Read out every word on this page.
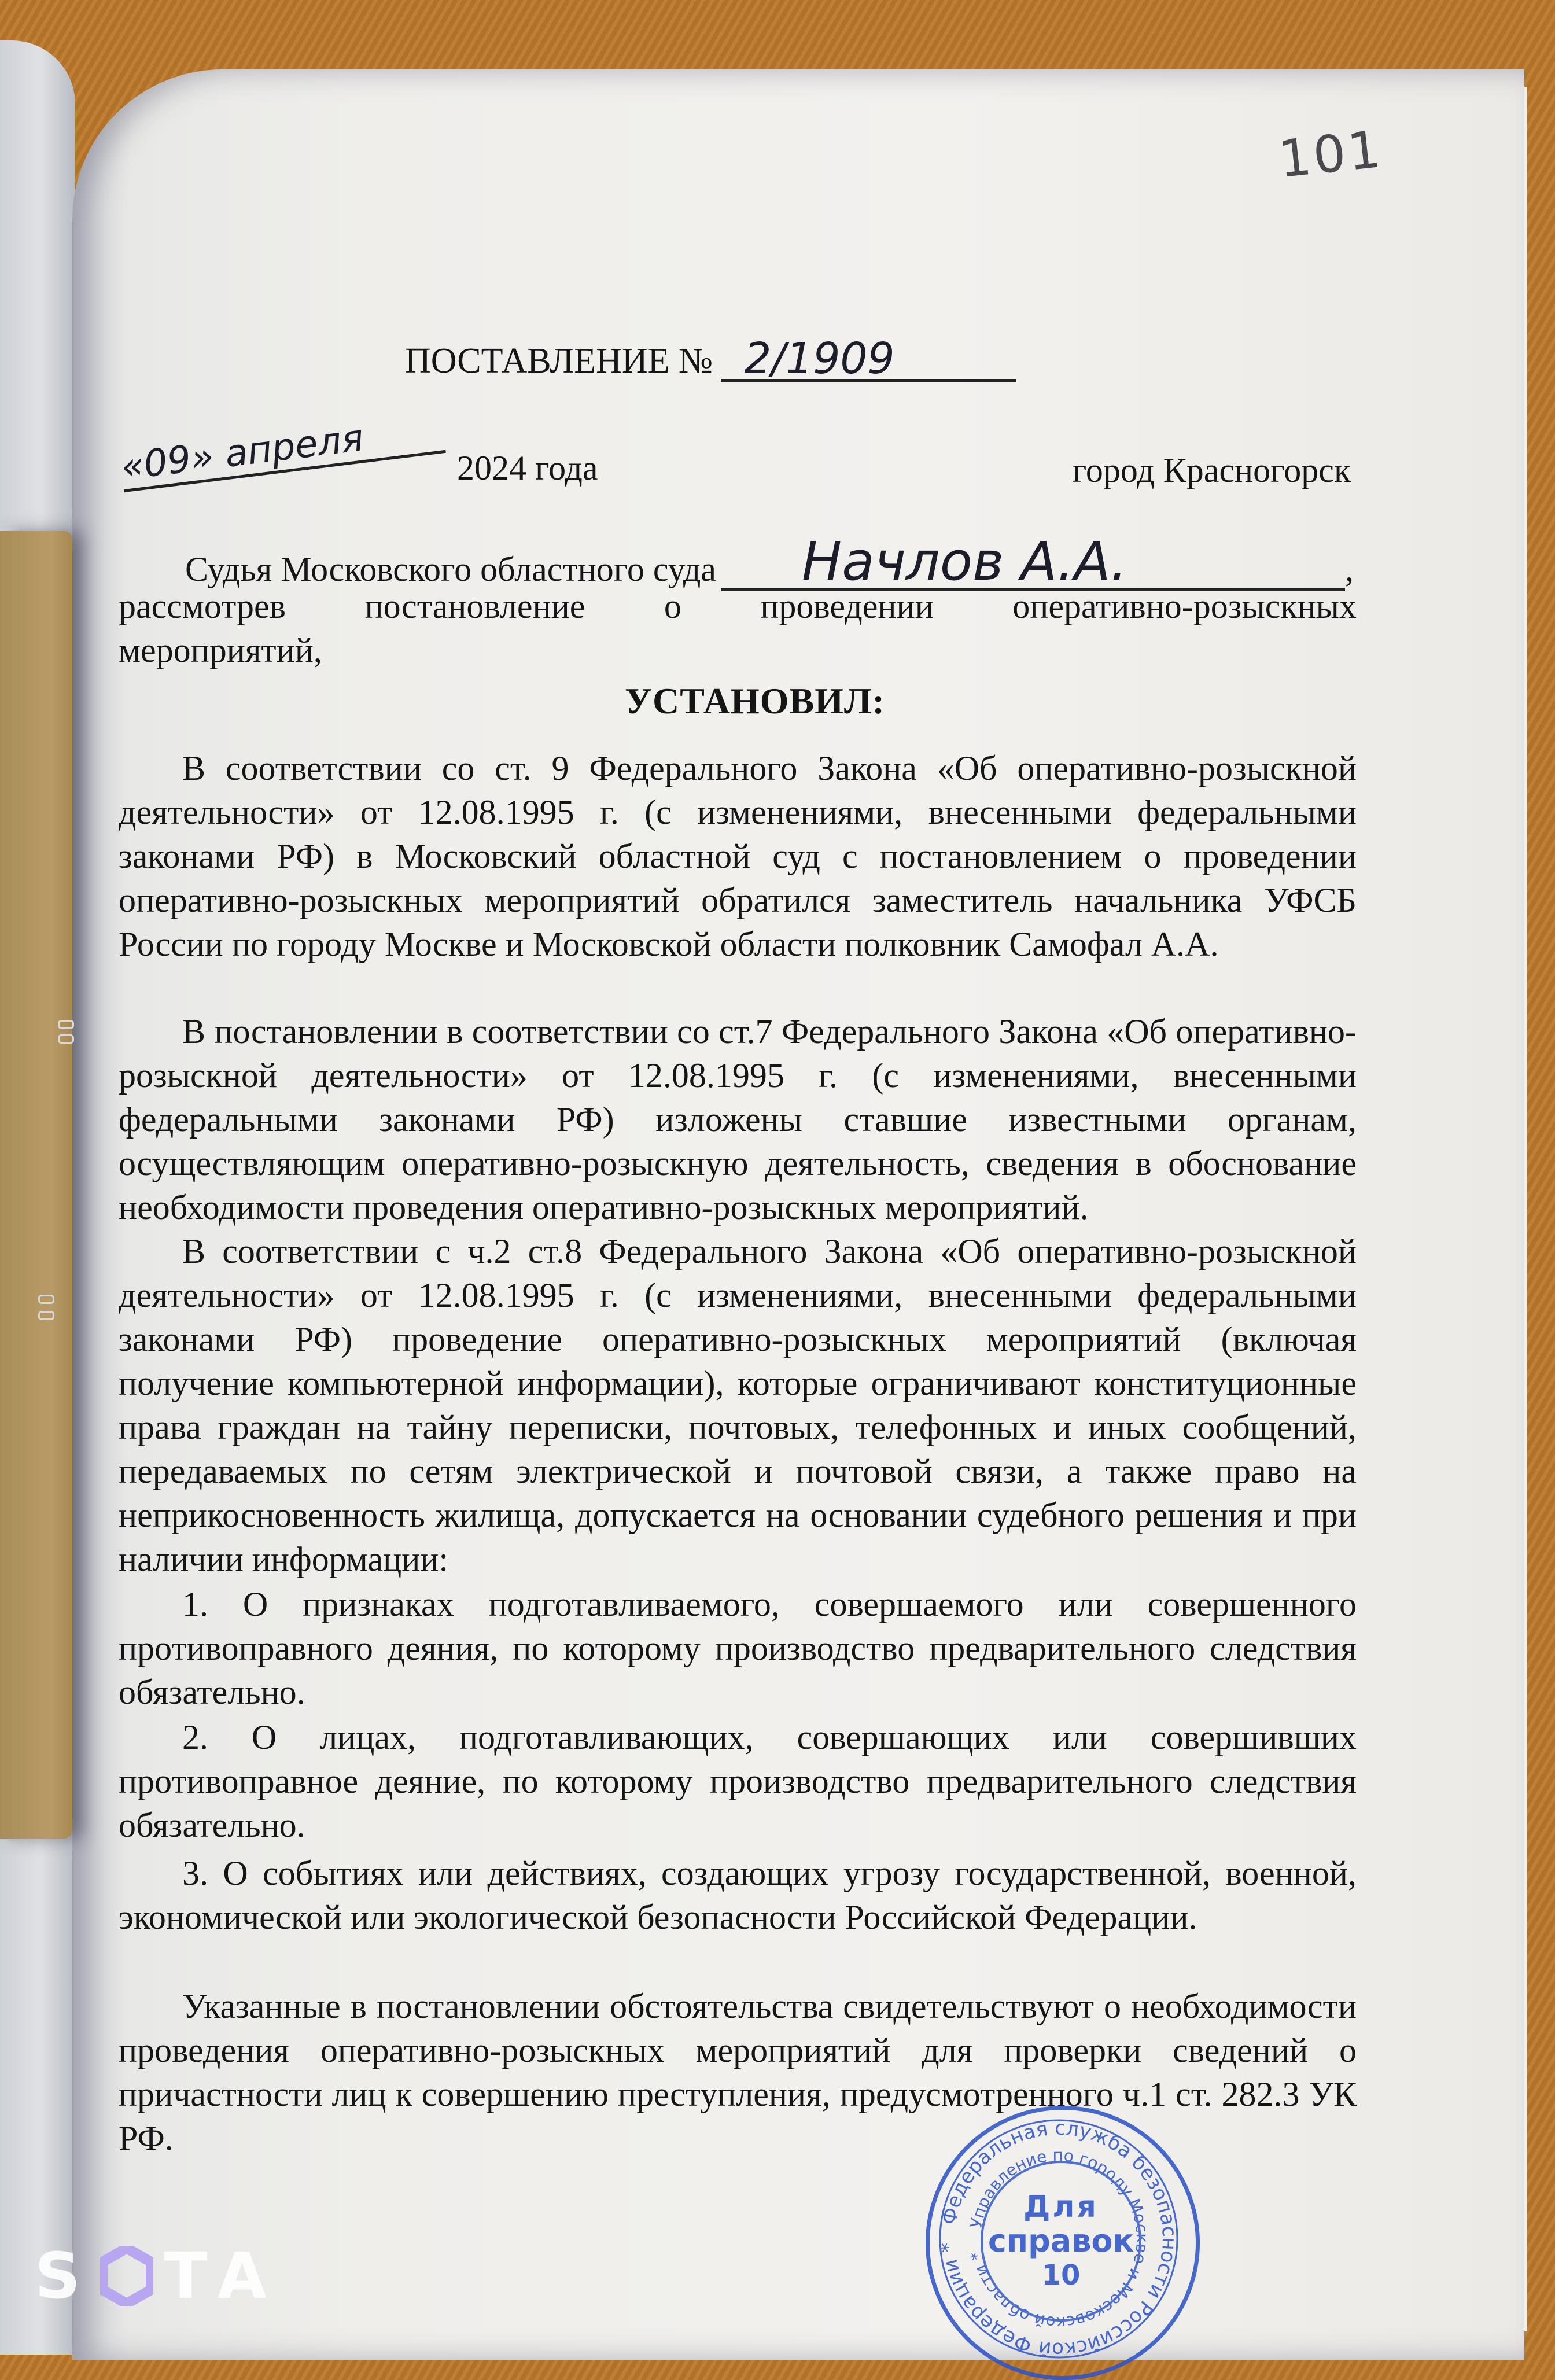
101
ПОСТАВЛЕНИЕ № 2/1909
«09» апреля	2024 года	город Красногорск
Судья Московского областного суда	Начлов А.А.	,
рассмотрев постановление о проведении оперативно-розыскных
мероприятий,
УСТАНОВИЛ:
В соответствии со ст. 9 Федерального Закона «Об оперативно-розыскной деятельности» от 12.08.1995 г. (с изменениями, внесенными федеральными законами РФ) в Московский областной суд с постановлением о проведении оперативно-розыскных мероприятий обратился заместитель начальника УФСБ России по городу Москве и Московской области полковник Самофал А.А.
В постановлении в соответствии со ст.7 Федерального Закона «Об оперативно-розыскной деятельности» от 12.08.1995 г. (с изменениями, внесенными федеральными законами РФ) изложены ставшие известными органам, осуществляющим оперативно-розыскную деятельность, сведения в обоснование необходимости проведения оперативно-розыскных мероприятий.
В соответствии с ч.2 ст.8 Федерального Закона «Об оперативно-розыскной деятельности» от 12.08.1995 г. (с изменениями, внесенными федеральными законами РФ) проведение оперативно-розыскных мероприятий (включая получение компьютерной информации), которые ограничивают конституционные права граждан на тайну переписки, почтовых, телефонных и иных сообщений, передаваемых по сетям электрической и почтовой связи, а также право на неприкосновенность жилища, допускается на основании судебного решения и при наличии информации:
1. О признаках подготавливаемого, совершаемого или совершенного противоправного деяния, по которому производство предварительного следствия обязательно.
2. О лицах, подготавливающих, совершающих или совершивших противоправное деяние, по которому производство предварительного следствия обязательно.
3. О событиях или действиях, создающих угрозу государственной, военной, экономической или экологической безопасности Российской Федерации.
Указанные в постановлении обстоятельства свидетельствуют о необходимости проведения оперативно-розыскных мероприятий для проверки сведений о причастности лиц к совершению преступления, предусмотренного ч.1 ст. 282.3 УК РФ.
Федеральная служба безопасности Российской Федерации *
Управление по городу Москве и Московской области *
Для
справок
10
S TA
